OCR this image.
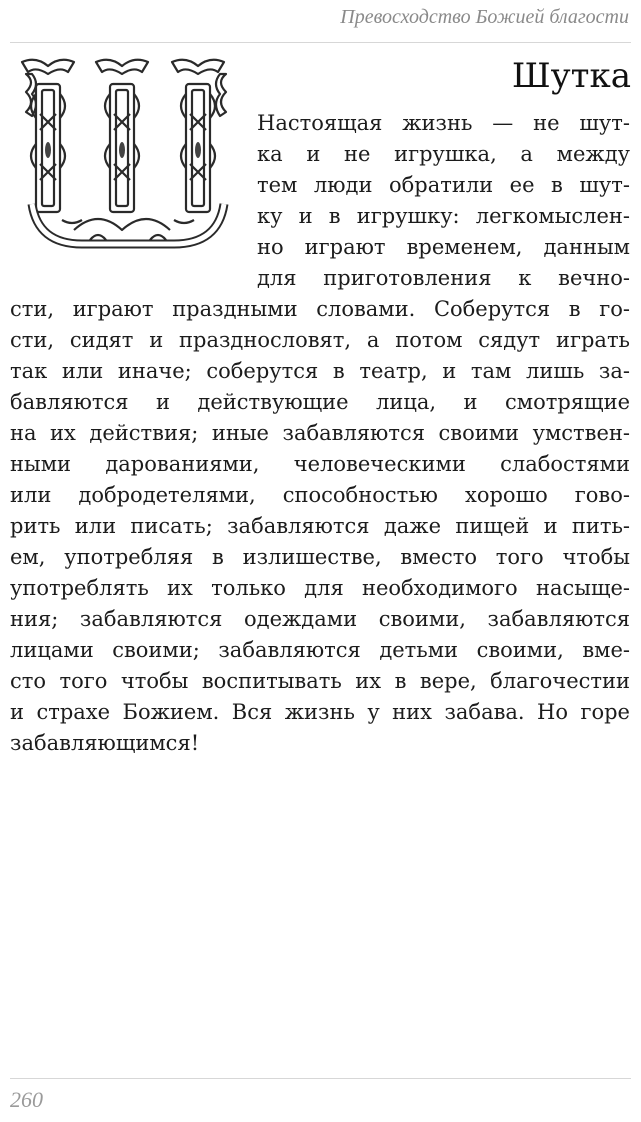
Превосходство Божией благости
Шутка
Настоящая жизнь — не шут-
ка и не игрушка, а между
тем люди обратили ее в шут-
ку и в игрушку: легкомыслен-
но играют временем, данным
для приготовления к вечно-
сти, играют праздными словами. Соберутся в го-
сти, сидят и празднословят, а потом сядут играть
так или иначе; соберутся в театр, и там лишь за-
бавляются и действующие лица, и смотрящие
на их действия; иные забавляются своими умствен-
ными дарованиями, человеческими слабостями
или добродетелями, способностью хорошо гово-
рить или писать; забавляются даже пищей и пить-
ем, употребляя в излишестве, вместо того чтобы
употреблять их только для необходимого насыще-
ния; забавляются одеждами своими, забавляются
лицами своими; забавляются детьми своими, вме-
сто того чтобы воспитывать их в вере, благочестии
и страхе Божием. Вся жизнь у них забава. Но горе
забавляющимся!
260
